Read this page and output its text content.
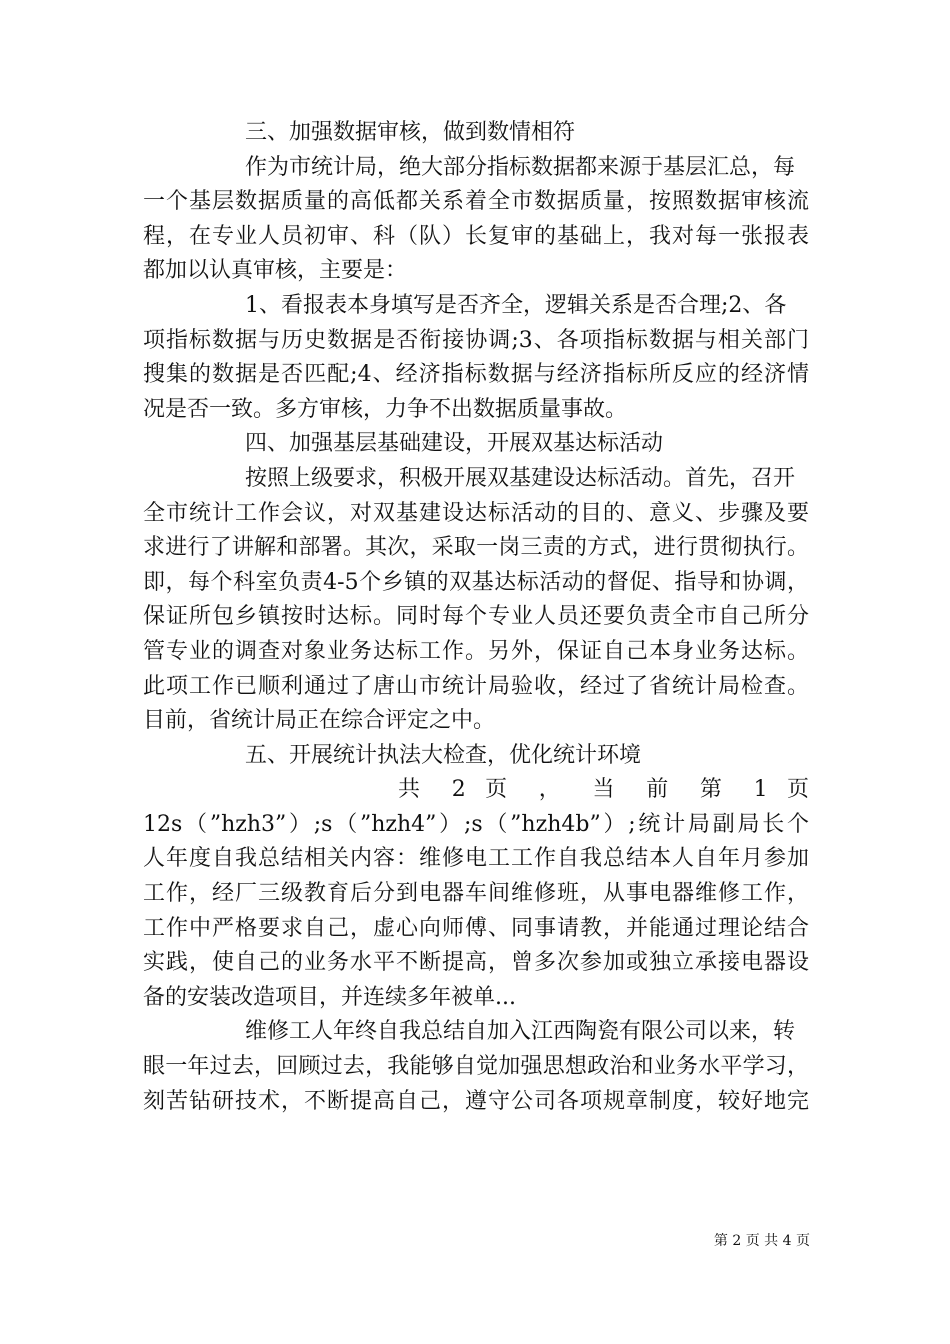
三、加强数据审核，做到数情相符
作为市统计局，绝大部分指标数据都来源于基层汇总，每
一个基层数据质量的高低都关系着全市数据质量，按照数据审核流
程，在专业人员初审、科（队）长复审的基础上，我对每一张报表
都加以认真审核，主要是：
1、看报表本身填写是否齐全，逻辑关系是否合理;2、各
项指标数据与历史数据是否衔接协调;3、各项指标数据与相关部门
搜集的数据是否匹配;4、经济指标数据与经济指标所反应的经济情
况是否一致。多方审核，力争不出数据质量事故。
四、加强基层基础建设，开展双基达标活动
按照上级要求，积极开展双基建设达标活动。首先，召开
全市统计工作会议，对双基建设达标活动的目的、意义、步骤及要
求进行了讲解和部署。其次，采取一岗三责的方式，进行贯彻执行。
即，每个科室负责4-5个乡镇的双基达标活动的督促、指导和协调，
保证所包乡镇按时达标。同时每个专业人员还要负责全市自己所分
管专业的调查对象业务达标工作。另外，保证自己本身业务达标。
此项工作已顺利通过了唐山市统计局验收，经过了省统计局检查。
目前，省统计局正在综合评定之中。
五、开展统计执法大检查，优化统计环境
共 2 页 ， 当 前 第 1 页
12s（”hzh3”）;s（”hzh4”）;s（”hzh4b”）;统计局副局长个
人年度自我总结相关内容：维修电工工作自我总结本人自年月参加
工作，经厂三级教育后分到电器车间维修班，从事电器维修工作，
工作中严格要求自己，虚心向师傅、同事请教，并能通过理论结合
实践，使自己的业务水平不断提高，曾多次参加或独立承接电器设
备的安装改造项目，并连续多年被单...
维修工人年终自我总结自加入江西陶瓷有限公司以来，转
眼一年过去，回顾过去，我能够自觉加强思想政治和业务水平学习，
刻苦钻研技术，不断提高自己，遵守公司各项规章制度，较好地完
第 2 页 共 4 页
